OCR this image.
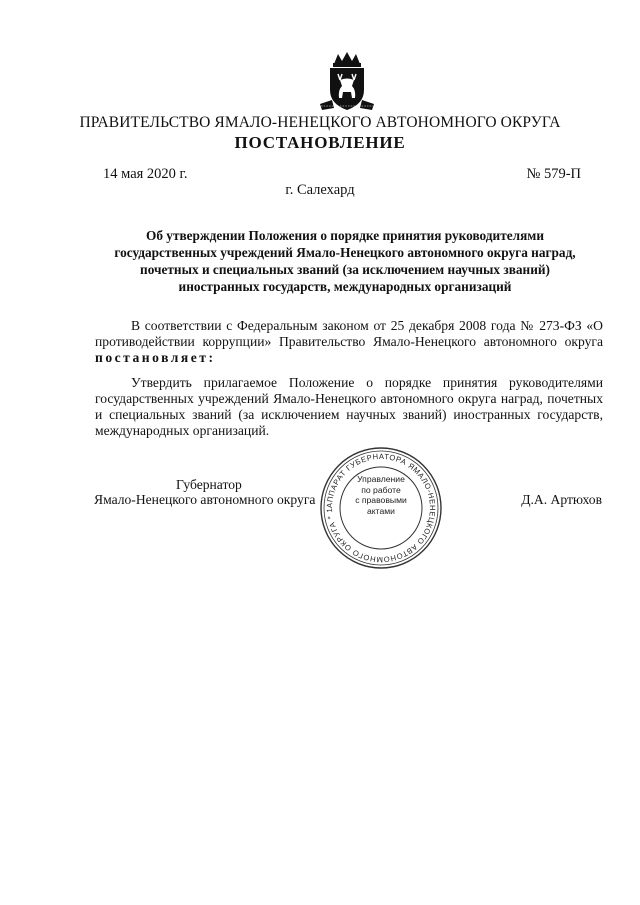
ПРАВИТЕЛЬСТВО ЯМАЛО-НЕНЕЦКОГО АВТОНОМНОГО ОКРУГА
ПОСТАНОВЛЕНИЕ
14 мая 2020 г.	№ 579-П
г. Салехард
Об утверждении Положения о порядке принятия руководителями государственных учреждений Ямало-Ненецкого автономного округа наград, почетных и специальных званий (за исключением научных званий) иностранных государств, международных организаций
В соответствии с Федеральным законом от 25 декабря 2008 года № 273-ФЗ «О противодействии коррупции» Правительство Ямало-Ненецкого автономного округа постановляет:
Утвердить прилагаемое Положение о порядке принятия руководителями государственных учреждений Ямало-Ненецкого автономного округа наград, почетных и специальных званий (за исключением научных званий) иностранных государств, международных организаций.
АППАРАТ ГУБЕРНАТОРА ЯМАЛО-НЕНЕЦКОГО АВТОНОМНОГО ОКРУГА * 1
Управление
по работе
с правовыми
актами
Губернатор
Ямало-Ненецкого автономного округа	Д.А. Артюхов
